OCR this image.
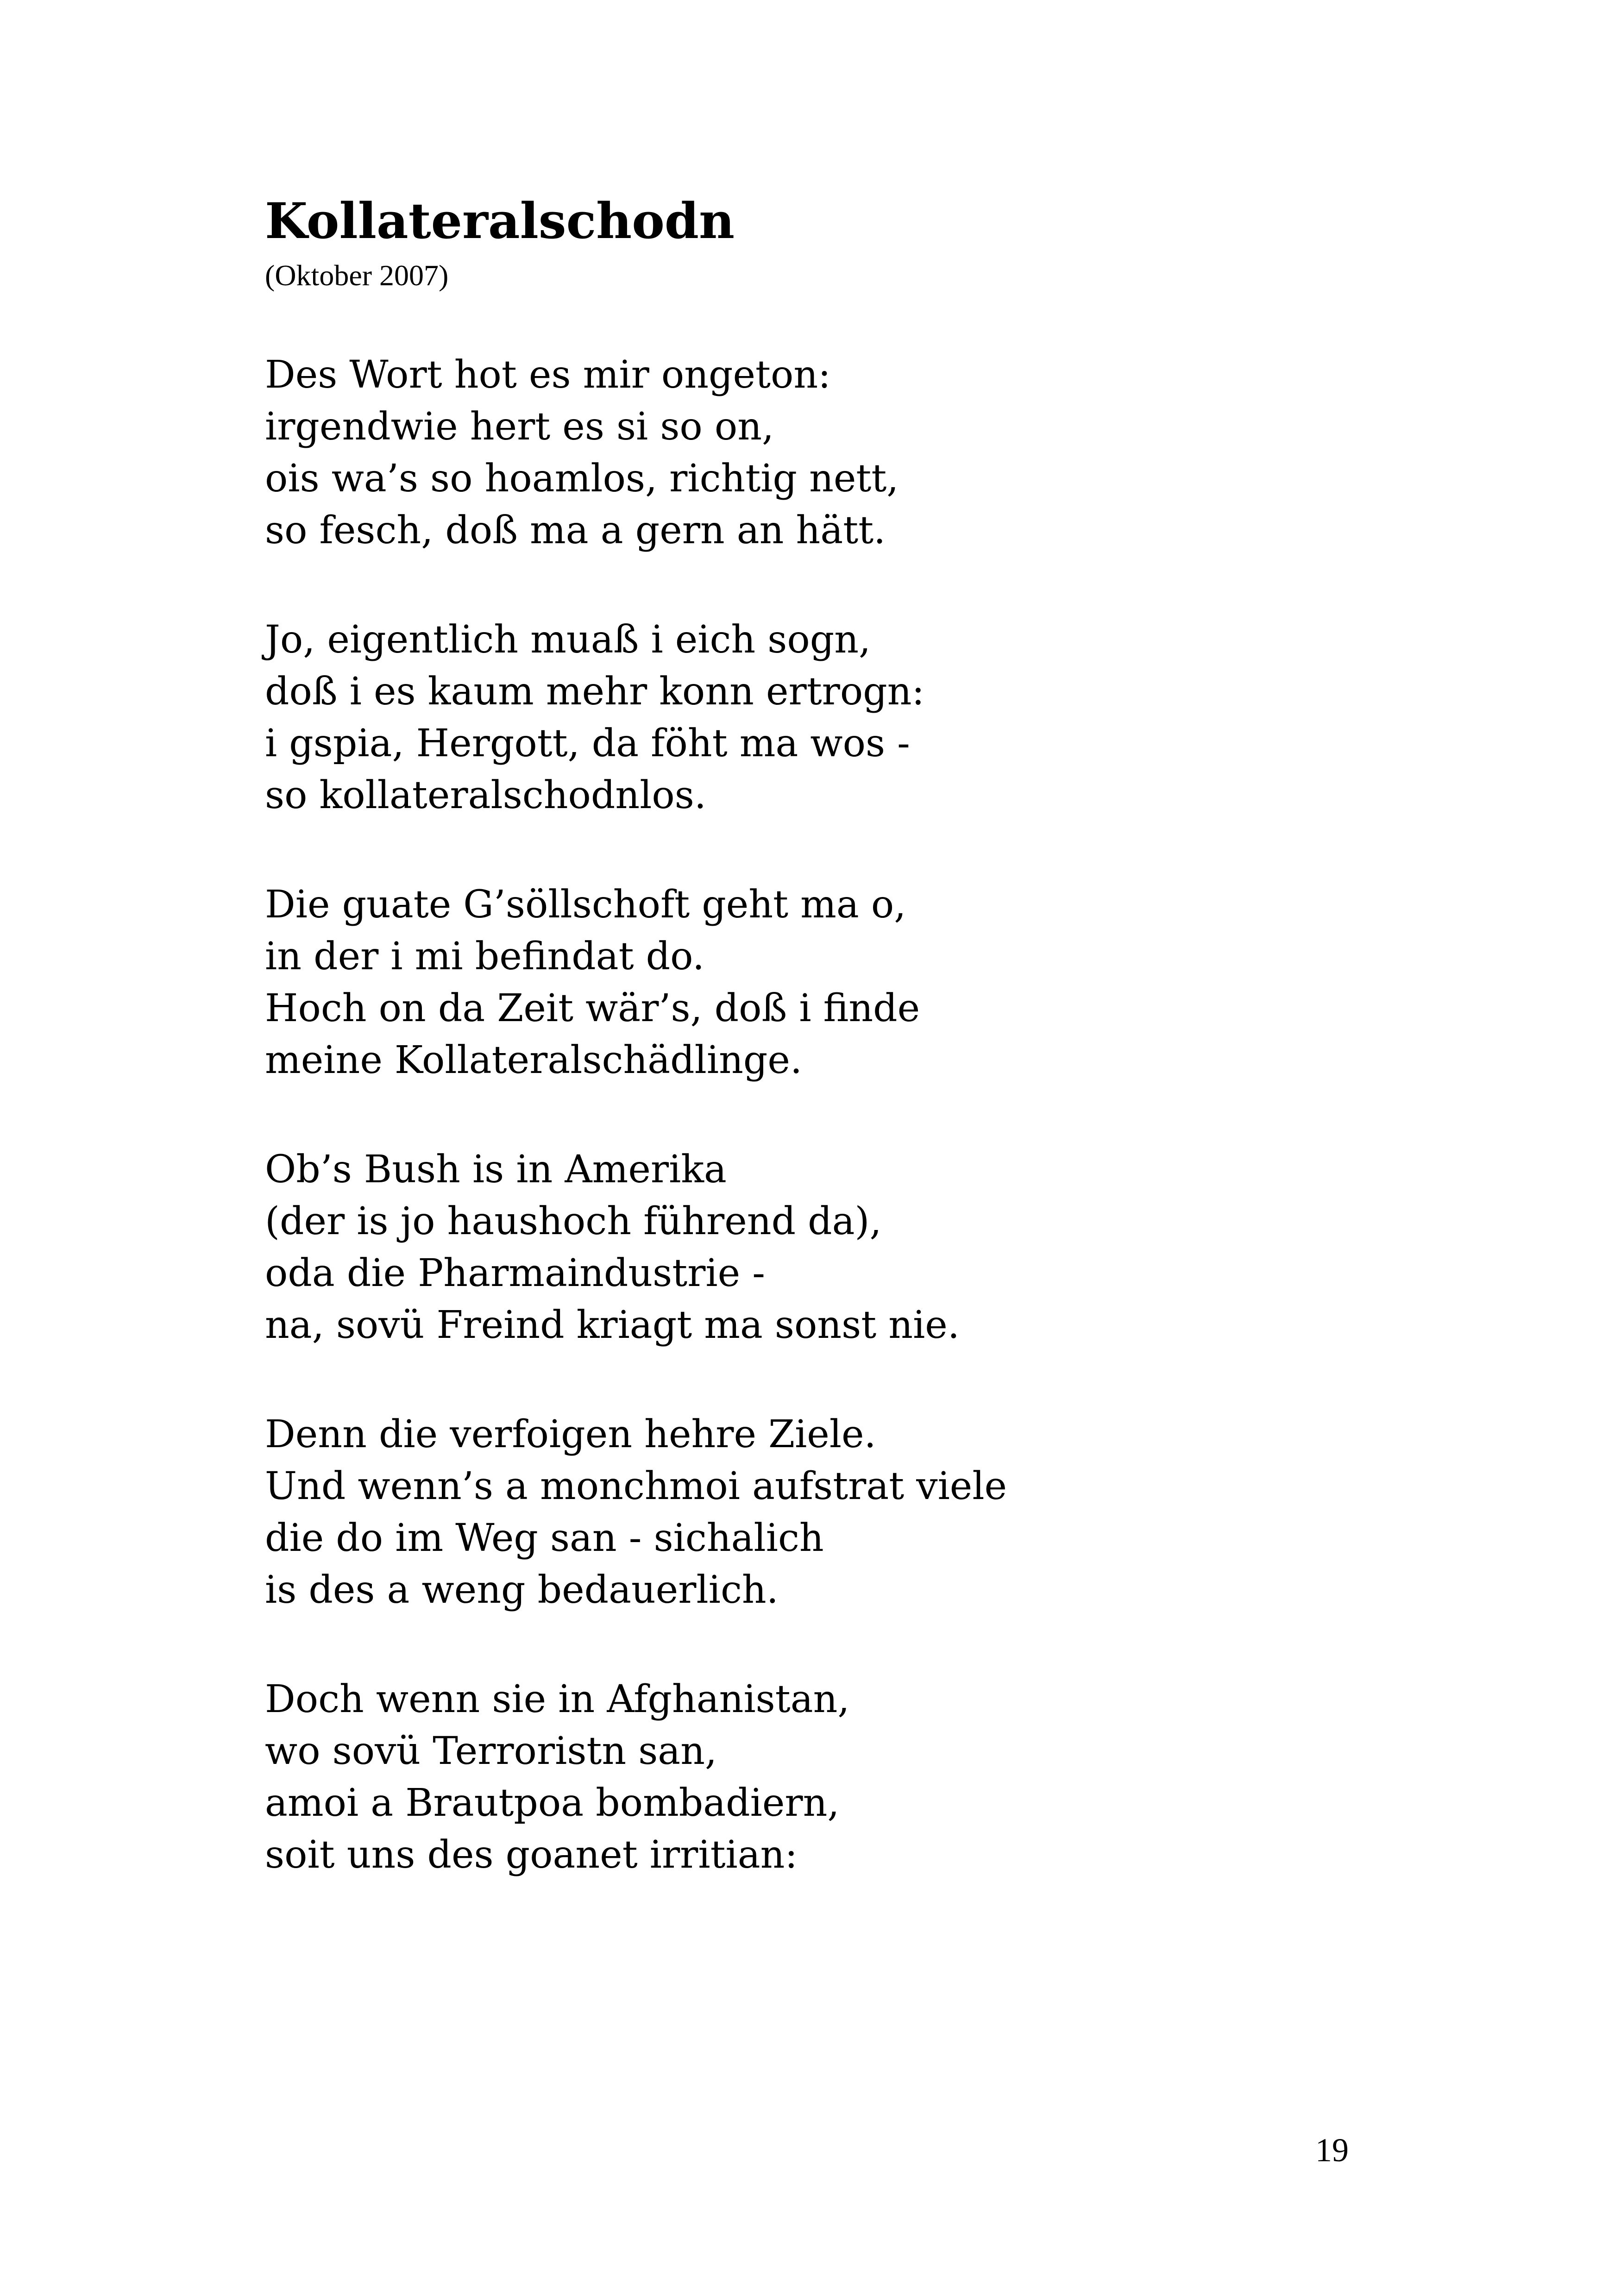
Kollateralschodn

(Oktober 2007)

Des Wort hot es mir ongeton:

irgendwie hert es si so on,

ois wa’s so hoamlos, richtig nett,

so fesch, doß ma a gern an hätt.

Jo, eigentlich muaß i eich sogn,

doß i es kaum mehr konn ertrogn:

i gspia, Hergott, da föht ma wos -

so kollateralschodnlos.

Die guate G’söllschoft geht ma o,

in der i mi befindat do.

Hoch on da Zeit wär’s, doß i finde

meine Kollateralschädlinge.

Ob’s Bush is in Amerika

(der is jo haushoch führend da),

oda die Pharmaindustrie -

na, sovü Freind kriagt ma sonst nie.

Denn die verfoigen hehre Ziele.

Und wenn’s a monchmoi aufstrat viele

die do im Weg san - sichalich

is des a weng bedauerlich.

Doch wenn sie in Afghanistan,

wo sovü Terroristn san,

amoi a Brautpoa bombadiern,

soit uns des goanet irritian:

19
